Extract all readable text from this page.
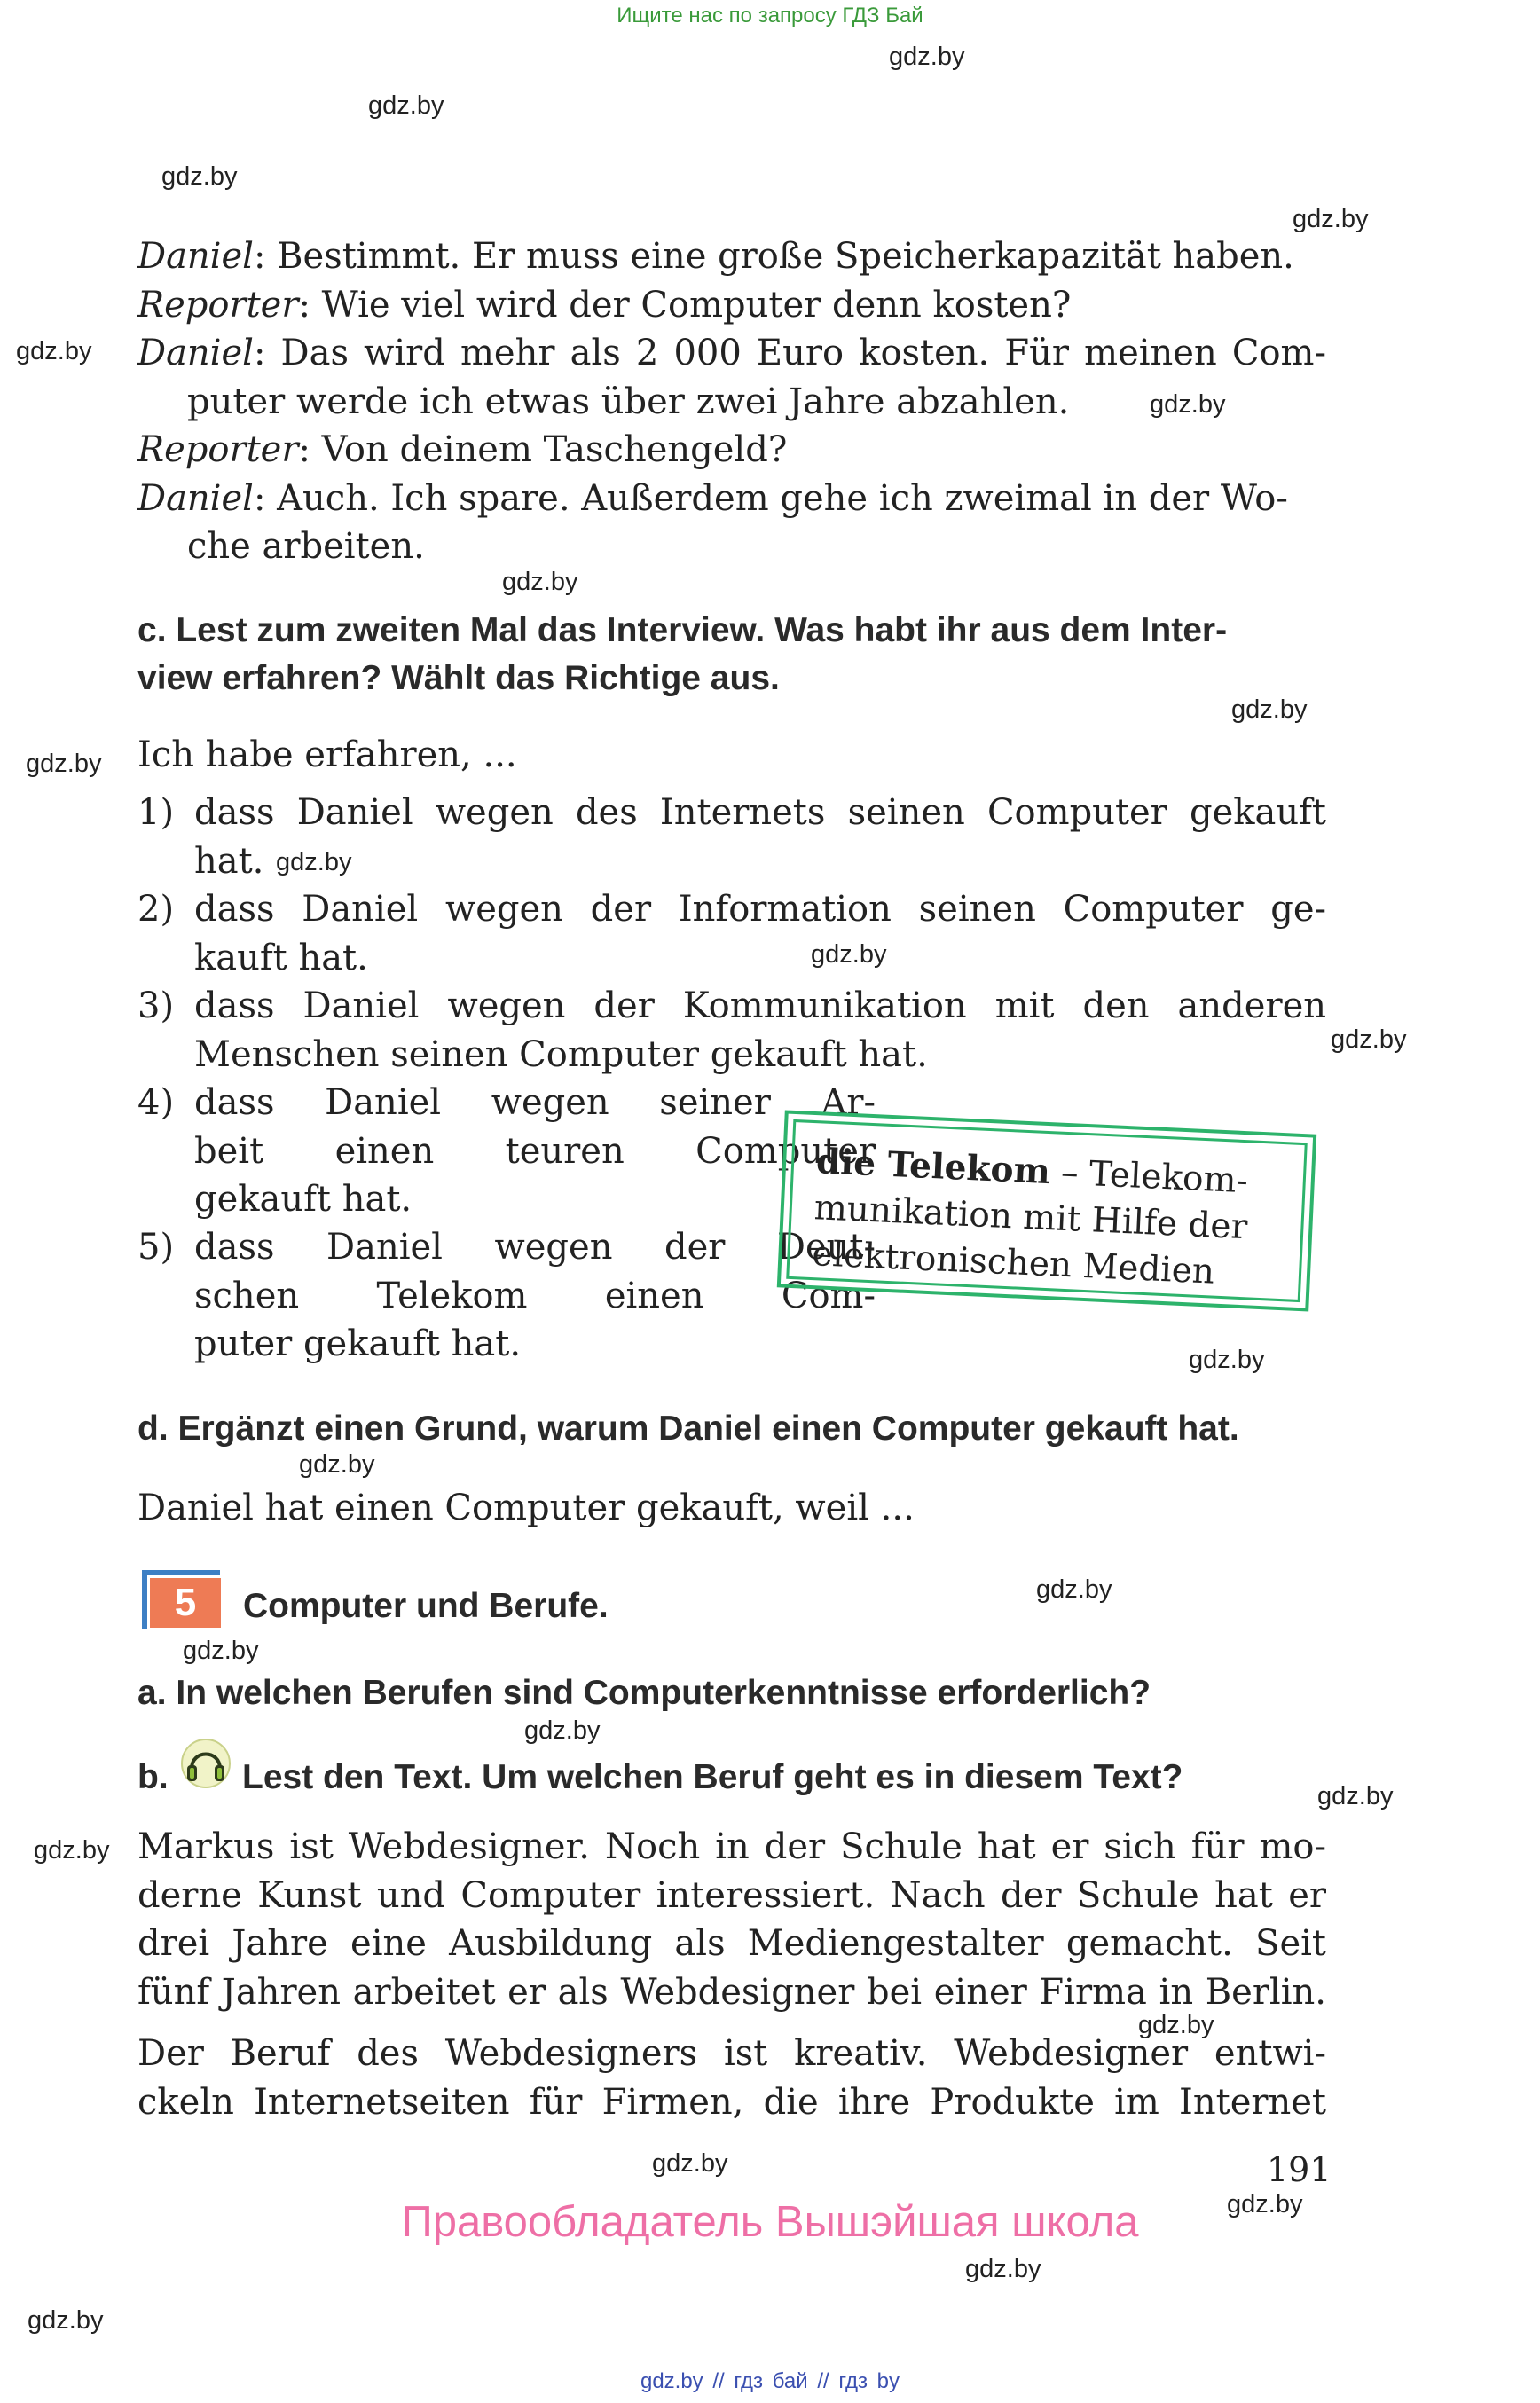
Ищите нас по запросу ГДЗ Бай
gdz.by
gdz.by
gdz.by
gdz.by
gdz.by
gdz.by
gdz.by
gdz.by
gdz.by
gdz.by
gdz.by
gdz.by
gdz.by
gdz.by
gdz.by
gdz.by
gdz.by
gdz.by
gdz.by
gdz.by
gdz.by
gdz.by
gdz.by
gdz.by
Daniel: Bestimmt. Er muss eine große Speicherkapazität haben.
Reporter: Wie viel wird der Computer denn kosten?
Daniel: Das wird mehr als 2 000 Euro kosten. Für meinen Com-
puter werde ich etwas über zwei Jahre abzahlen.
Reporter: Von deinem Taschengeld?
Daniel: Auch. Ich spare. Außerdem gehe ich zweimal in der Wo-
che arbeiten.
c. Lest zum zweiten Mal das Interview. Was habt ihr aus dem Inter-
view erfahren? Wählt das Richtige aus.
Ich habe erfahren, ...
1) dass Daniel wegen des Internets seinen Computer gekauft
hat.
2) dass Daniel wegen der Information seinen Computer ge-
kauft hat.
3) dass Daniel wegen der Kommunikation mit den anderen
Menschen seinen Computer gekauft hat.
4) dass Daniel wegen seiner Ar-
beit einen teuren Computer
gekauft hat.
5) dass Daniel wegen der Deut-
schen Telekom einen Com-
puter gekauft hat.
die Telekom – Telekom-
munikation mit Hilfe der
elektronischen Medien
d. Ergänzt einen Grund, warum Daniel einen Computer gekauft hat.
Daniel hat einen Computer gekauft, weil ...
5	Computer und Berufe.
a. In welchen Berufen sind Computerkenntnisse erforderlich?
b. Lest den Text. Um welchen Beruf geht es in diesem Text?
Markus ist Webdesigner. Noch in der Schule hat er sich für mo-
derne Kunst und Computer interessiert. Nach der Schule hat er
drei Jahre eine Ausbildung als Mediengestalter gemacht. Seit
fünf Jahren arbeitet er als Webdesigner bei einer Firma in Berlin.
Der Beruf des Webdesigners ist kreativ. Webdesigner entwi-
ckeln Internetseiten für Firmen, die ihre Produkte im Internet
191
Правообладатель Вышэйшая школа
gdz.by // гдз бай // гдз by
